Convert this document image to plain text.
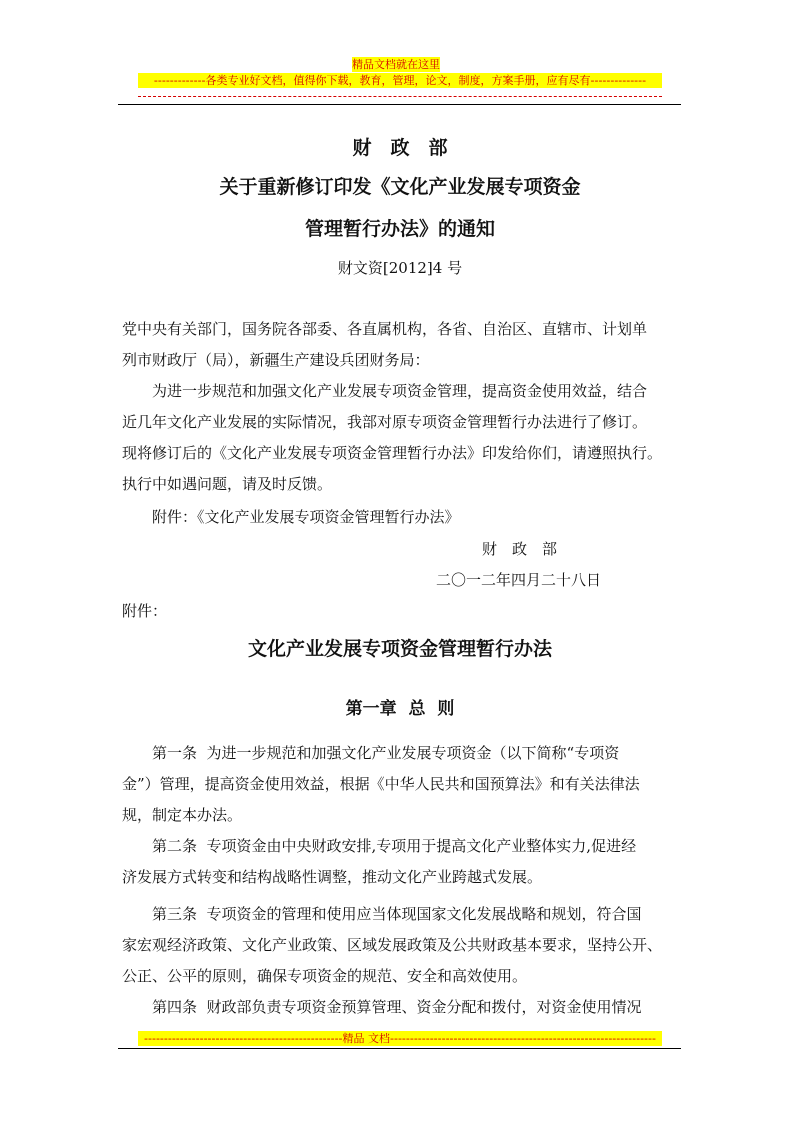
精品文档就在这里
-------------各类专业好文档，值得你下载，教育，管理，论文，制度，方案手册，应有尽有--------------
财　政　部
关于重新修订印发《文化产业发展专项资金
管理暂行办法》的通知
财文资[2012]4 号
党中央有关部门，国务院各部委、各直属机构，各省、自治区、直辖市、计划单
列市财政厅（局），新疆生产建设兵团财务局：
为进一步规范和加强文化产业发展专项资金管理，提高资金使用效益，结合
近几年文化产业发展的实际情况，我部对原专项资金管理暂行办法进行了修订。
现将修订后的《文化产业发展专项资金管理暂行办法》印发给你们，请遵照执行。
执行中如遇问题，请及时反馈。
附件：《文化产业发展专项资金管理暂行办法》
财　政　部
二〇一二年四月二十八日
附件：
文化产业发展专项资金管理暂行办法
第一章  总  则
第一条  为进一步规范和加强文化产业发展专项资金（以下简称“专项资
金”）管理，提高资金使用效益，根据《中华人民共和国预算法》和有关法律法
规，制定本办法。
第二条  专项资金由中央财政安排,专项用于提高文化产业整体实力,促进经
济发展方式转变和结构战略性调整，推动文化产业跨越式发展。
第三条  专项资金的管理和使用应当体现国家文化发展战略和规划，符合国
家宏观经济政策、文化产业政策、区域发展政策及公共财政基本要求，坚持公开、
公正、公平的原则，确保专项资金的规范、安全和高效使用。
第四条  财政部负责专项资金预算管理、资金分配和拨付，对资金使用情况
--------------------------------------------------精品 文档-------------------------------------------------------------------
